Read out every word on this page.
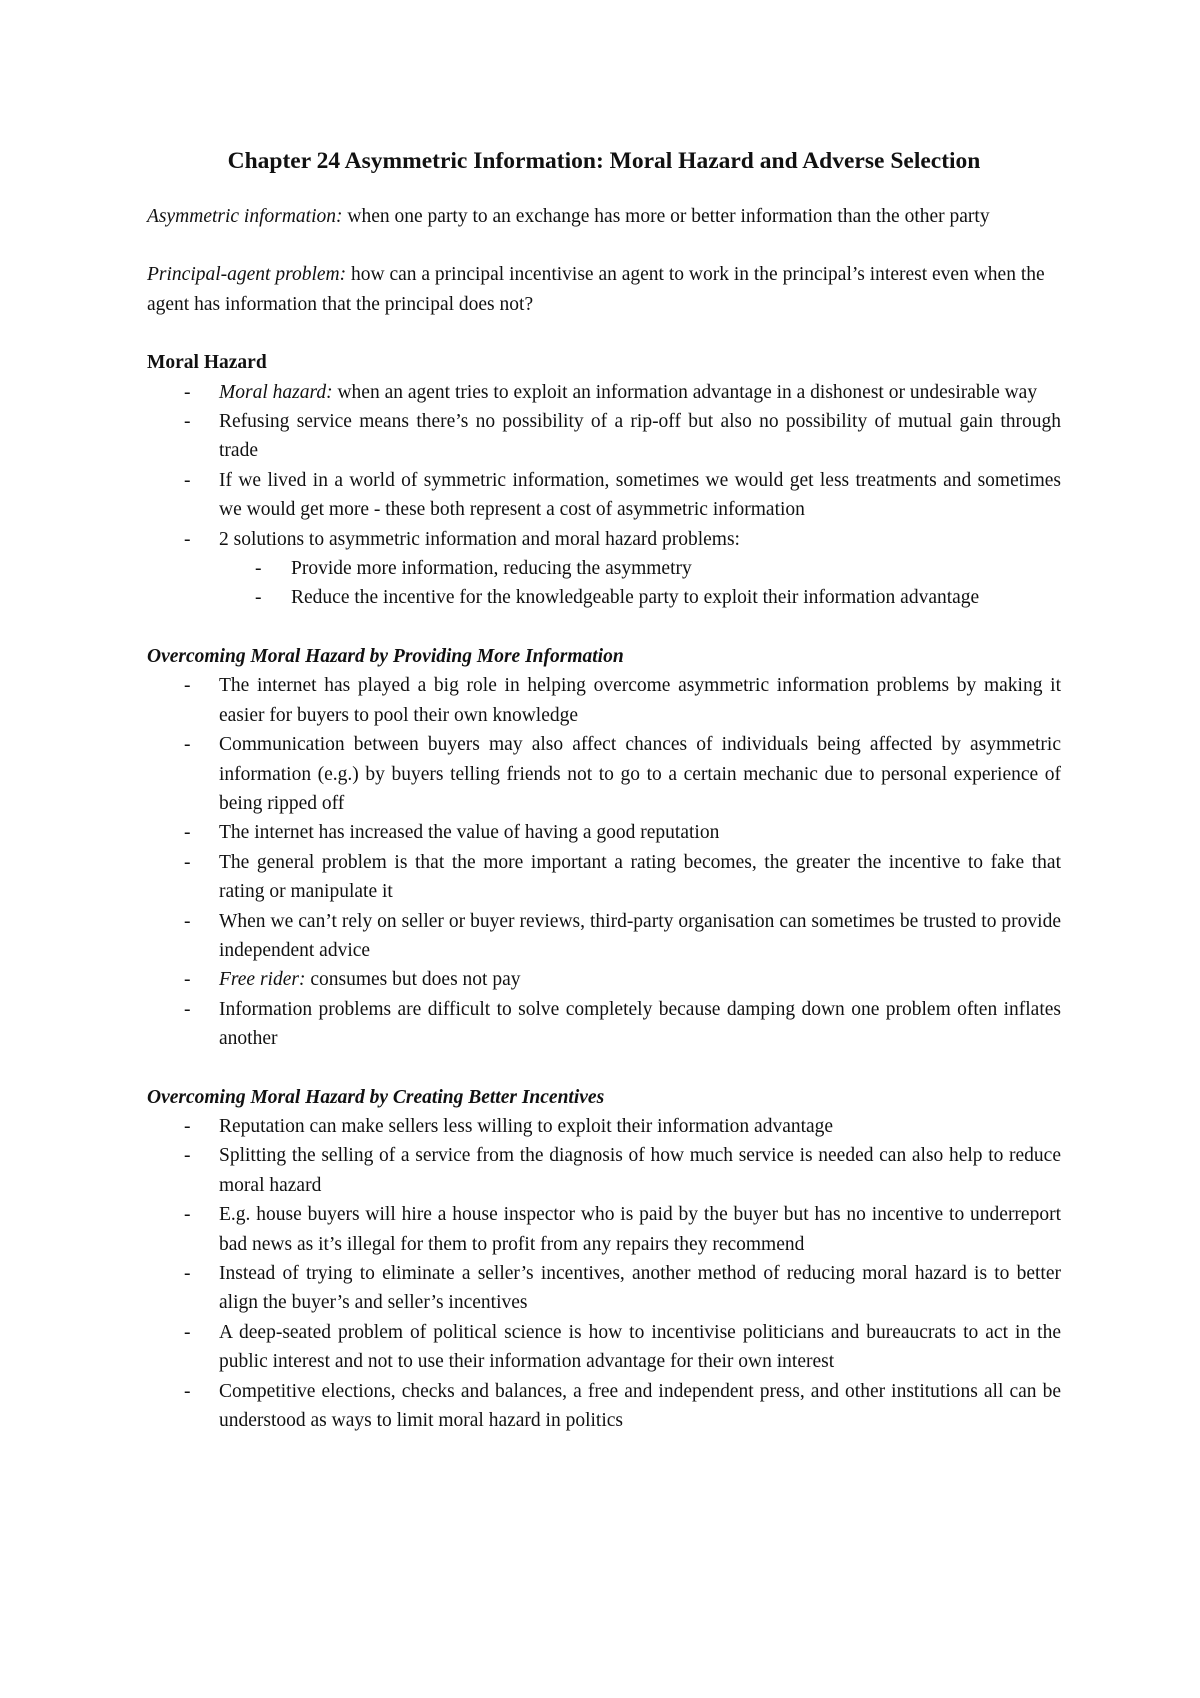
Chapter 24 Asymmetric Information: Moral Hazard and Adverse Selection

Asymmetric information: when one party to an exchange has more or better information than the other party

Principal-agent problem: how can a principal incentivise an agent to work in the principal’s interest even when the agent has information that the principal does not?

Moral Hazard

- Moral hazard: when an agent tries to exploit an information advantage in a dishonest or undesirable way
- Refusing service means there’s no possibility of a rip-off but also no possibility of mutual gain through trade
- If we lived in a world of symmetric information, sometimes we would get less treatments and sometimes we would get more - these both represent a cost of asymmetric information
- 2 solutions to asymmetric information and moral hazard problems:
- Provide more information, reducing the asymmetry
- Reduce the incentive for the knowledgeable party to exploit their information advantage

Overcoming Moral Hazard by Providing More Information

- The internet has played a big role in helping overcome asymmetric information problems by making it easier for buyers to pool their own knowledge
- Communication between buyers may also affect chances of individuals being affected by asymmetric information (e.g.) by buyers telling friends not to go to a certain mechanic due to personal experience of being ripped off
- The internet has increased the value of having a good reputation
- The general problem is that the more important a rating becomes, the greater the incentive to fake that rating or manipulate it
- When we can’t rely on seller or buyer reviews, third-party organisation can sometimes be trusted to provide independent advice
- Free rider: consumes but does not pay
- Information problems are difficult to solve completely because damping down one problem often inflates another

Overcoming Moral Hazard by Creating Better Incentives

- Reputation can make sellers less willing to exploit their information advantage
- Splitting the selling of a service from the diagnosis of how much service is needed can also help to reduce moral hazard
- E.g. house buyers will hire a house inspector who is paid by the buyer but has no incentive to underreport bad news as it’s illegal for them to profit from any repairs they recommend
- Instead of trying to eliminate a seller’s incentives, another method of reducing moral hazard is to better align the buyer’s and seller’s incentives
- A deep-seated problem of political science is how to incentivise politicians and bureaucrats to act in the public interest and not to use their information advantage for their own interest
- Competitive elections, checks and balances, a free and independent press, and other institutions all can be understood as ways to limit moral hazard in politics
